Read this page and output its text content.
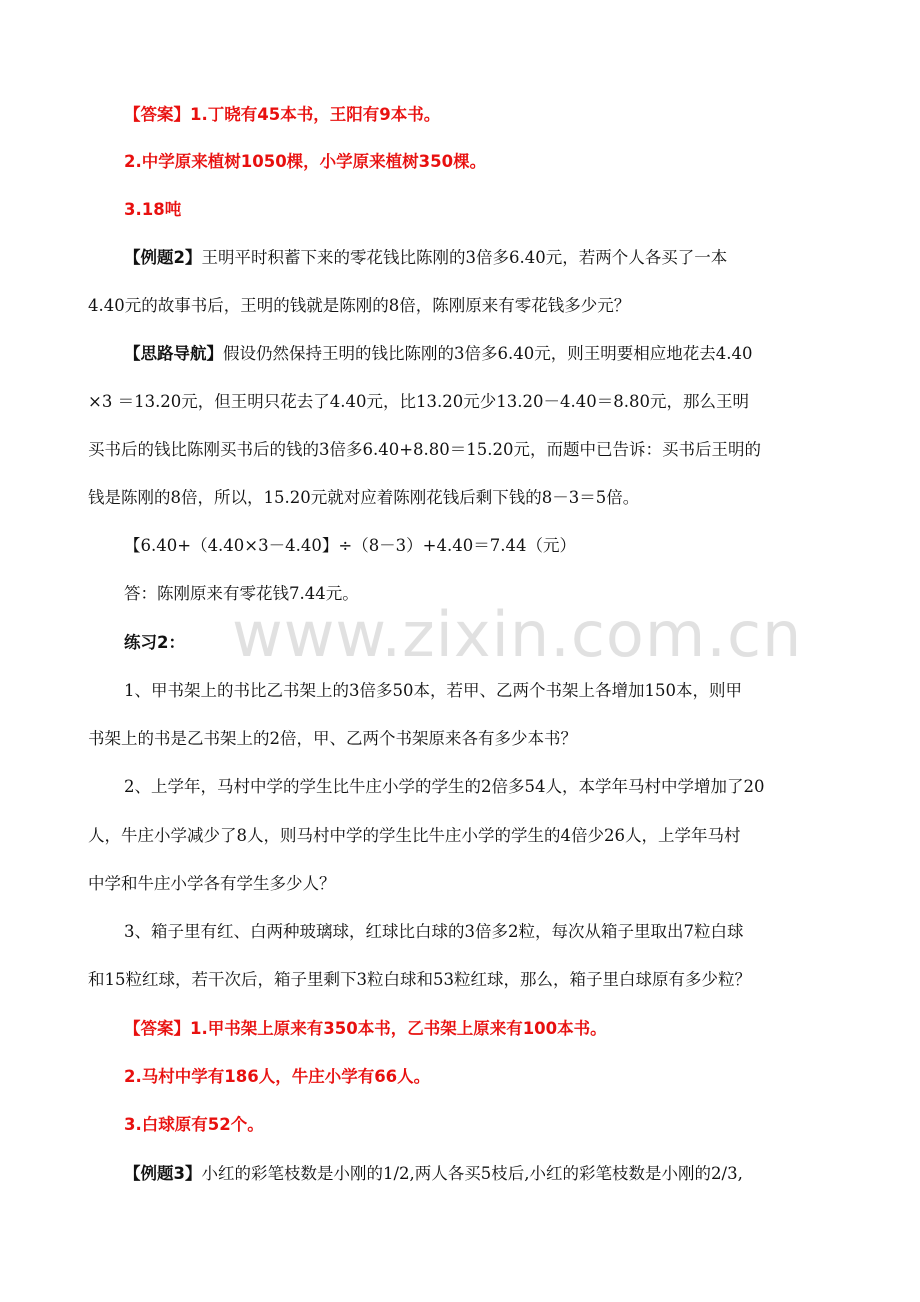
【答案】1.丁晓有45本书，王阳有9本书。
2.中学原来植树1050棵，小学原来植树350棵。
3.18吨
【例题2】王明平时积蓄下来的零花钱比陈刚的3倍多6.40元，若两个人各买了一本
4.40元的故事书后，王明的钱就是陈刚的8倍，陈刚原来有零花钱多少元？
【思路导航】假设仍然保持王明的钱比陈刚的3倍多6.40元，则王明要相应地花去4.40
×3 ＝13.20元，但王明只花去了4.40元，比13.20元少13.20－4.40＝8.80元，那么王明
买书后的钱比陈刚买书后的钱的3倍多6.40+8.80＝15.20元，而题中已告诉：买书后王明的
钱是陈刚的8倍，所以，15.20元就对应着陈刚花钱后剩下钱的8－3＝5倍。
【6.40+（4.40×3－4.40】÷（8－3）+4.40＝7.44（元）
答：陈刚原来有零花钱7.44元。
练习2：
1、甲书架上的书比乙书架上的3倍多50本，若甲、乙两个书架上各增加150本，则甲
书架上的书是乙书架上的2倍，甲、乙两个书架原来各有多少本书？
2、上学年，马村中学的学生比牛庄小学的学生的2倍多54人，本学年马村中学增加了20
人，牛庄小学减少了8人，则马村中学的学生比牛庄小学的学生的4倍少26人，上学年马村
中学和牛庄小学各有学生多少人？
3、箱子里有红、白两种玻璃球，红球比白球的3倍多2粒，每次从箱子里取出7粒白球
和15粒红球，若干次后，箱子里剩下3粒白球和53粒红球，那么，箱子里白球原有多少粒？
【答案】1.甲书架上原来有350本书，乙书架上原来有100本书。
2.马村中学有186人，牛庄小学有66人。
3.白球原有52个。
【例题3】小红的彩笔枝数是小刚的1/2,两人各买5枝后,小红的彩笔枝数是小刚的2/3,
www.zixin.com.cn
